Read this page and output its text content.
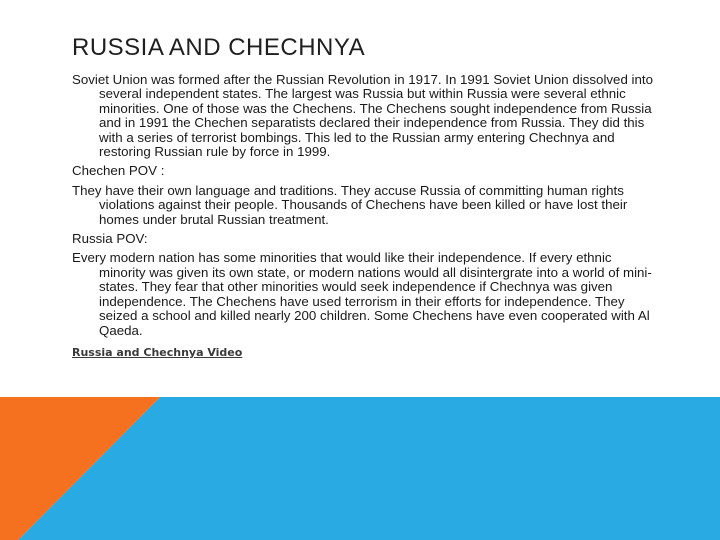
RUSSIA AND CHECHNYA

Soviet Union was formed after the Russian Revolution in 1917. In 1991 Soviet Union dissolved into several independent states. The largest was Russia but within Russia were several ethnic minorities. One of those was the Chechens. The Chechens sought independence from Russia and in 1991 the Chechen separatists declared their independence from Russia. They did this with a series of terrorist bombings. This led to the Russian army entering Chechnya and restoring Russian rule by force in 1999.

Chechen POV :

They have their own language and traditions. They accuse Russia of committing human rights violations against their people. Thousands of Chechens have been killed or have lost their homes under brutal Russian treatment.

Russia POV:

Every modern nation has some minorities that would like their independence. If every ethnic minority was given its own state, or modern nations would all disintergrate into a world of mini-states. They fear that other minorities would seek independence if Chechnya was given independence. The Chechens have used terrorism in their efforts for independence. They seized a school and killed nearly 200 children. Some Chechens have even cooperated with Al Qaeda.

Russia and Chechnya Video
